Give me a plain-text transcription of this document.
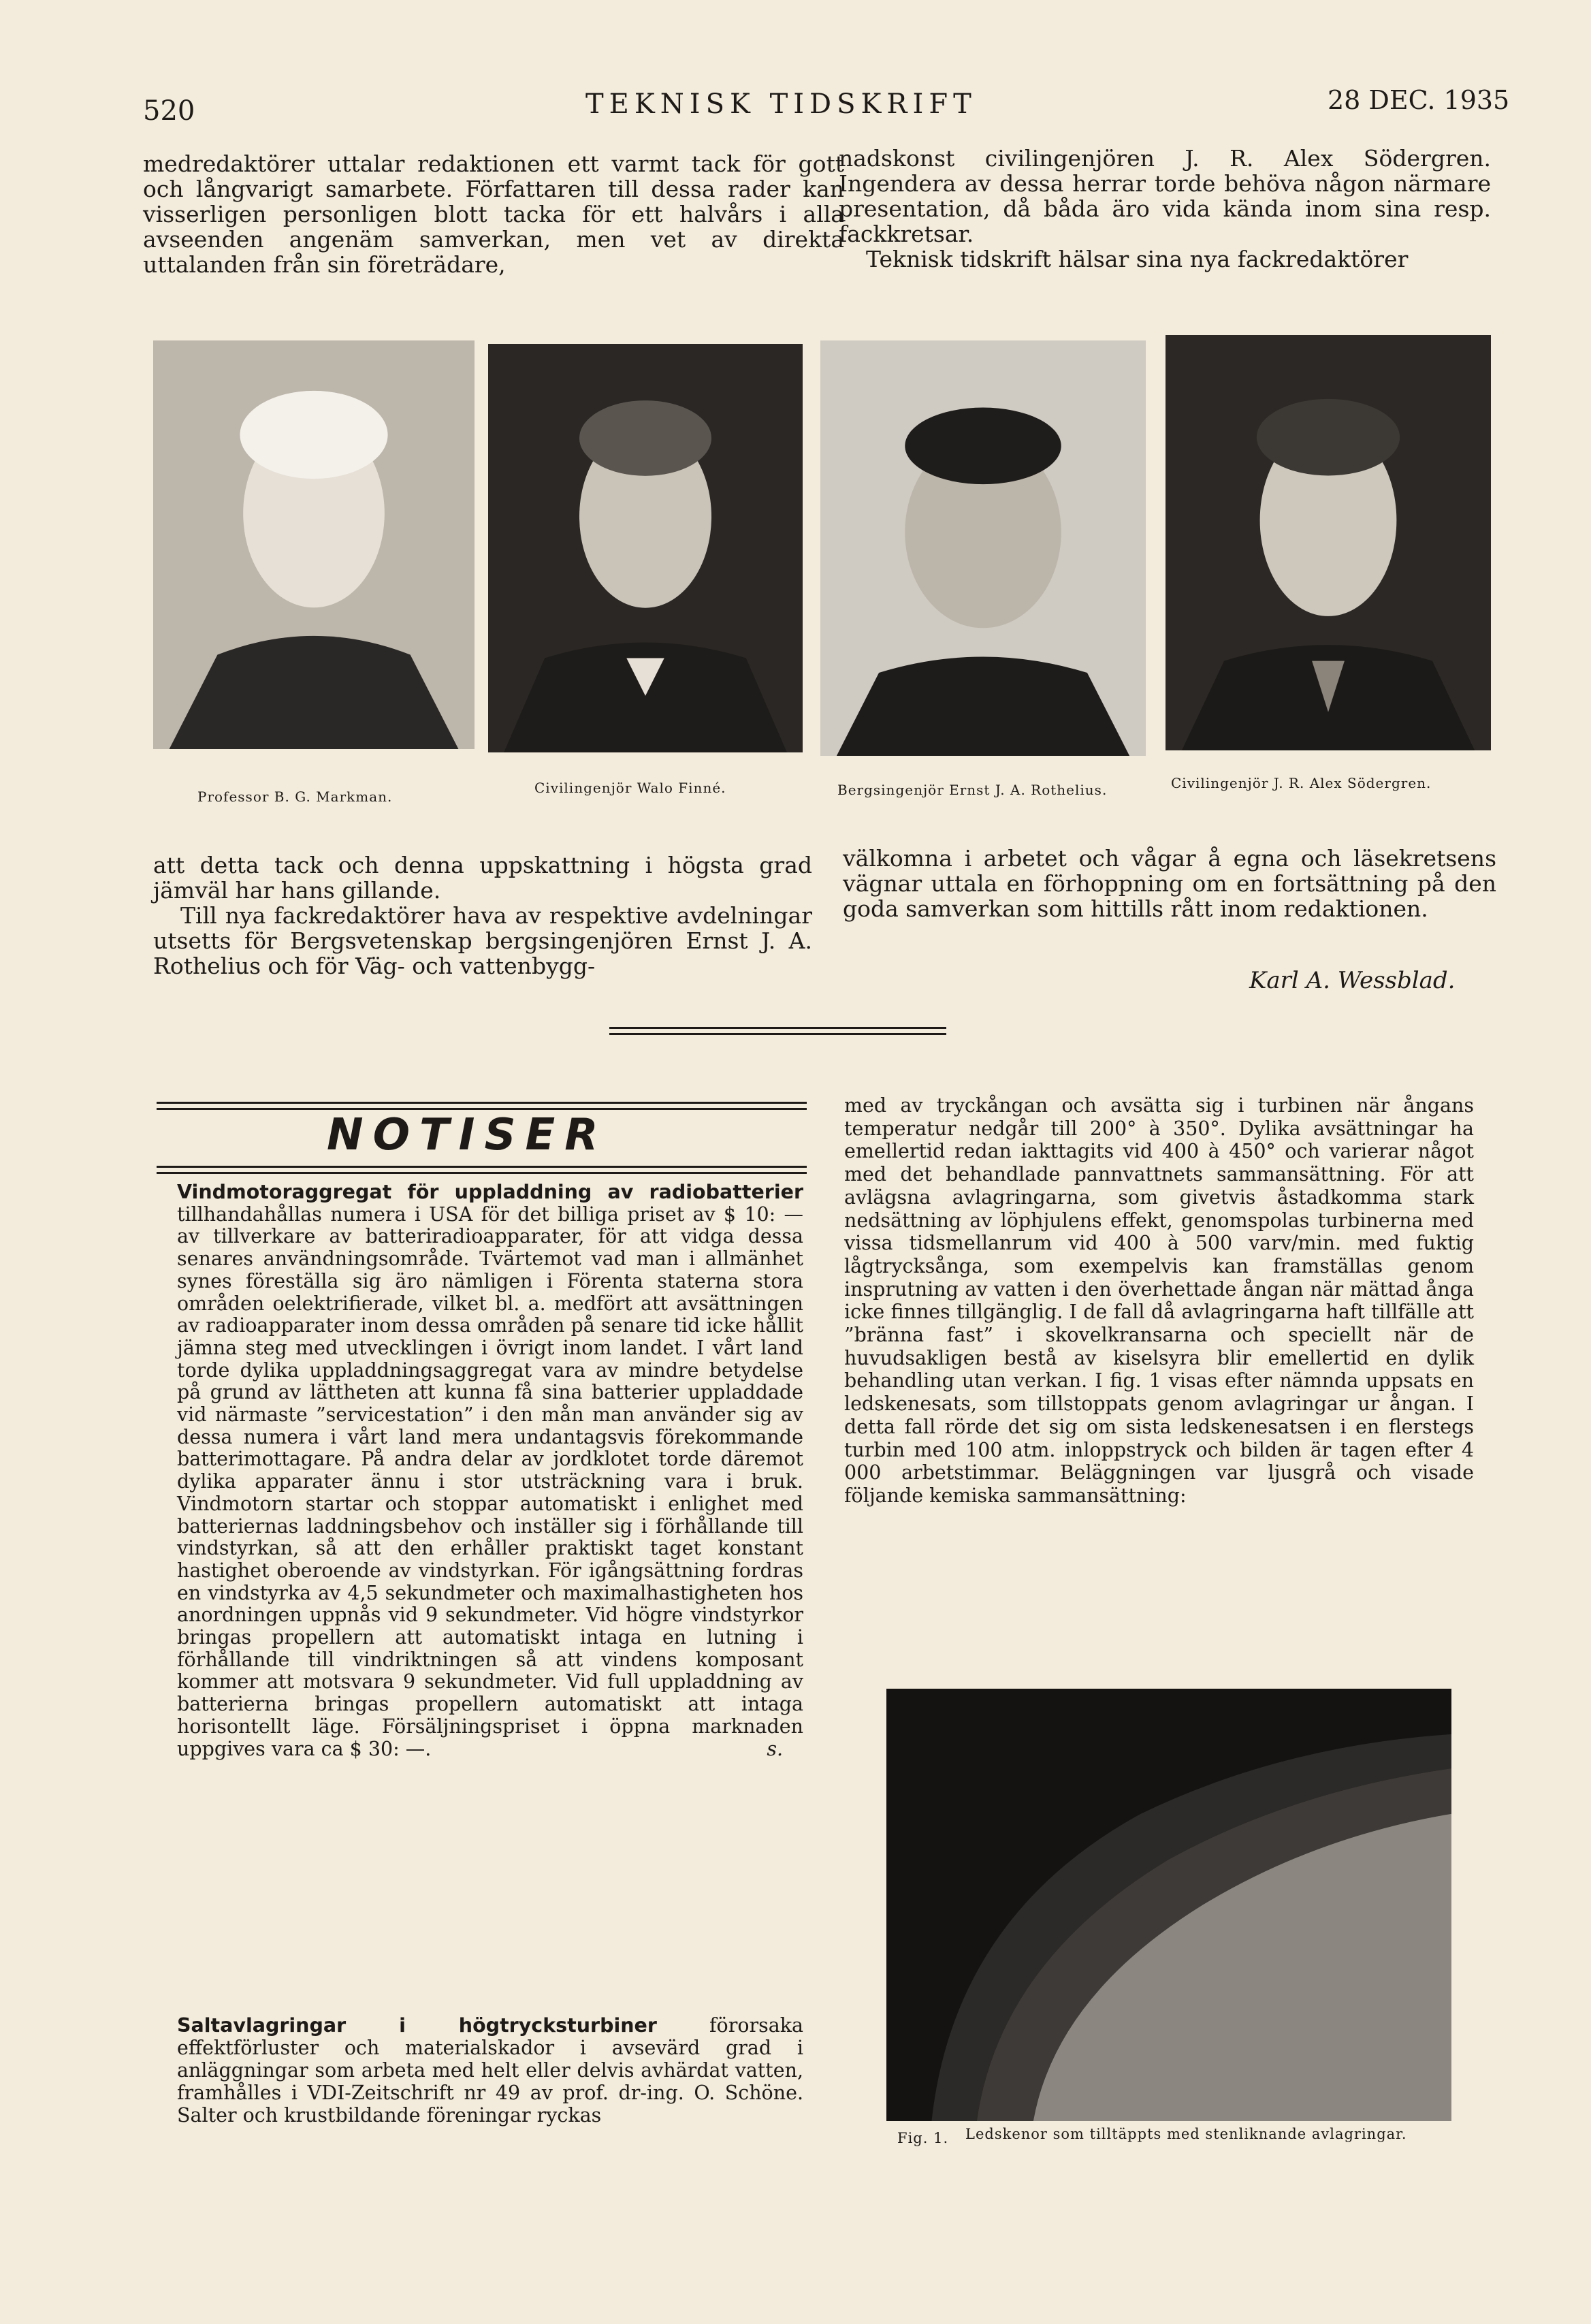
520	TEKNISK TIDSKRIFT	28 DEC. 1935

medredaktörer uttalar redaktionen ett varmt tack för gott och långvarigt samarbete. Författaren till dessa rader kan visserligen personligen blott tacka för ett halvårs i alla avseenden angenäm samverkan, men vet av direkta uttalanden från sin företrädare,

nadskonst civilingenjören J. R. Alex Södergren. Ingendera av dessa herrar torde behöva någon närmare presentation, då båda äro vida kända inom sina resp. fackkretsar.

Teknisk tidskrift hälsar sina nya fackredaktörer

Professor B. G. Markman.
Civilingenjör Walo Finné.	Bergsingenjör Ernst J. A. Rothelius.	Civilingenjör J. R. Alex Södergren.

att detta tack och denna uppskattning i högsta grad jämväl har hans gillande.

Till nya fackredaktörer hava av respektive avdelningar utsetts för Bergsvetenskap bergsingenjören Ernst J. A. Rothelius och för Väg- och vattenbygg-

välkomna i arbetet och vågar å egna och läsekretsens vägnar uttala en förhoppning om en fortsättning på den goda samverkan som hittills rått inom redaktionen.

Karl A. Wessblad.
NOTISER

Vindmotoraggregat för uppladdning av radiobatterier tillhandahållas numera i USA för det billiga priset av $ 10: — av tillverkare av batteriradioapparater, för att vidga dessa senares användningsområde. Tvärtemot vad man i allmänhet synes föreställa sig äro nämligen i Förenta staterna stora områden oelektrifierade, vilket bl. a. medfört att avsättningen av radioapparater inom dessa områden på senare tid icke hållit jämna steg med utvecklingen i övrigt inom landet. I vårt land torde dylika uppladdningsaggregat vara av mindre betydelse på grund av lättheten att kunna få sina batterier uppladdade vid närmaste ”servicestation” i den mån man använder sig av dessa numera i vårt land mera undantagsvis förekommande batterimottagare. På andra delar av jordklotet torde däremot dylika apparater ännu i stor utsträckning vara i bruk. Vindmotorn startar och stoppar automatiskt i enlighet med batteriernas laddningsbehov och inställer sig i förhållande till vindstyrkan, så att den erhåller praktiskt taget konstant hastighet oberoende av vindstyrkan. För igångsättning fordras en vindstyrka av 4,5 sekundmeter och maximalhastigheten hos anordningen uppnås vid 9 sekundmeter. Vid högre vindstyrkor bringas propellern att automatiskt intaga en lutning i förhållande till vindriktningen så att vindens komposant kommer att motsvara 9 sekundmeter. Vid full uppladdning av batterierna bringas propellern automatiskt att intaga horisontellt läge. Försäljningspriset i öppna marknaden uppgives vara ca $ 30: —.	s.

Saltavlagringar i högtrycksturbiner	förorsaka effektförluster och materialskador i avsevärd grad i anläggningar som arbeta med helt eller delvis avhärdat vatten, framhålles i VDI-Zeitschrift nr 49 av prof. dr-ing. O. Schöne. Salter och krustbildande föreningar ryckas

med av tryckångan och avsätta sig i turbinen när ångans temperatur nedgår till 200° à 350°. Dylika avsättningar ha emellertid redan iakttagits vid 400 à 450° och varierar något med det behandlade pannvattnets sammansättning. För att avlägsna avlagringarna, som givetvis åstadkomma stark nedsättning av löphjulens effekt, genomspolas turbinerna med vissa tidsmellanrum vid 400 à 500 varv/min. med fuktig lågtrycksånga, som exempelvis kan framställas genom insprutning av vatten i den överhettade ångan när mättad ånga icke finnes tillgänglig. I de fall då avlagringarna haft tillfälle att ”bränna fast” i skovelkransarna och speciellt när de huvudsakligen bestå av kiselsyra blir emellertid en dylik behandling utan verkan. I fig. 1 visas efter nämnda uppsats en ledskenesats, som tillstoppats genom avlagringar ur ångan. I detta fall rörde det sig om sista ledskenesatsen i en flerstegs turbin med 100 atm. inloppstryck och bilden är tagen efter 4 000 arbetstimmar. Beläggningen var ljusgrå och visade följande kemiska sammansättning:

Fig. 1. Ledskenor som tilltäppts med stenliknande avlagringar.
